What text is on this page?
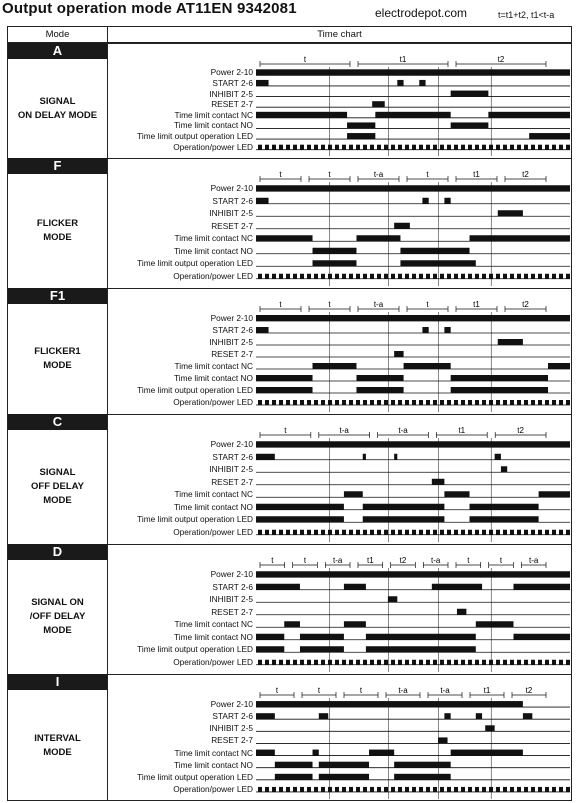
Output operation mode AT11EN 9342081	electrodepot.com	t=t1+t2, t1<t-a
Mode	Time chart
A
SIGNAL
ON DELAY MODE
Power 2-10
START 2-6
INHIBIT 2-5
RESET 2-7
Time limit contact NC
Time limit contact NO
Time limit output operation LED
Operation/power LED
t	t1	t2
F
FLICKER
MODE
Power 2-10
START 2-6
INHIBIT 2-5
RESET 2-7
Time limit contact NC
Time limit contact NO
Time limit output operation LED
Operation/power LED
t	t	t-a	t	t1	t2
F1
FLICKER1
MODE
Power 2-10
START 2-6
INHIBIT 2-5
RESET 2-7
Time limit contact NC
Time limit contact NO
Time limit output operation LED
Operation/power LED
t	t	t-a	t	t1	t2
C
SIGNAL
OFF DELAY
MODE
Power 2-10
START 2-6
INHIBIT 2-5
RESET 2-7
Time limit contact NC
Time limit contact NO
Time limit output operation LED
Operation/power LED
t	t-a	t-a	t1	t2
D
SIGNAL ON
/OFF DELAY
MODE
Power 2-10
START 2-6
INHIBIT 2-5
RESET 2-7
Time limit contact NC
Time limit contact NO
Time limit output operation LED
Operation/power LED
t	t	t-a	t1	t2	t-a	t	t	t-a
I
INTERVAL
MODE
Power 2-10
START 2-6
INHIBIT 2-5
RESET 2-7
Time limit contact NC
Time limit contact NO
Time limit output operation LED
Operation/power LED
t	t	t	t-a	t-a	t1	t2
